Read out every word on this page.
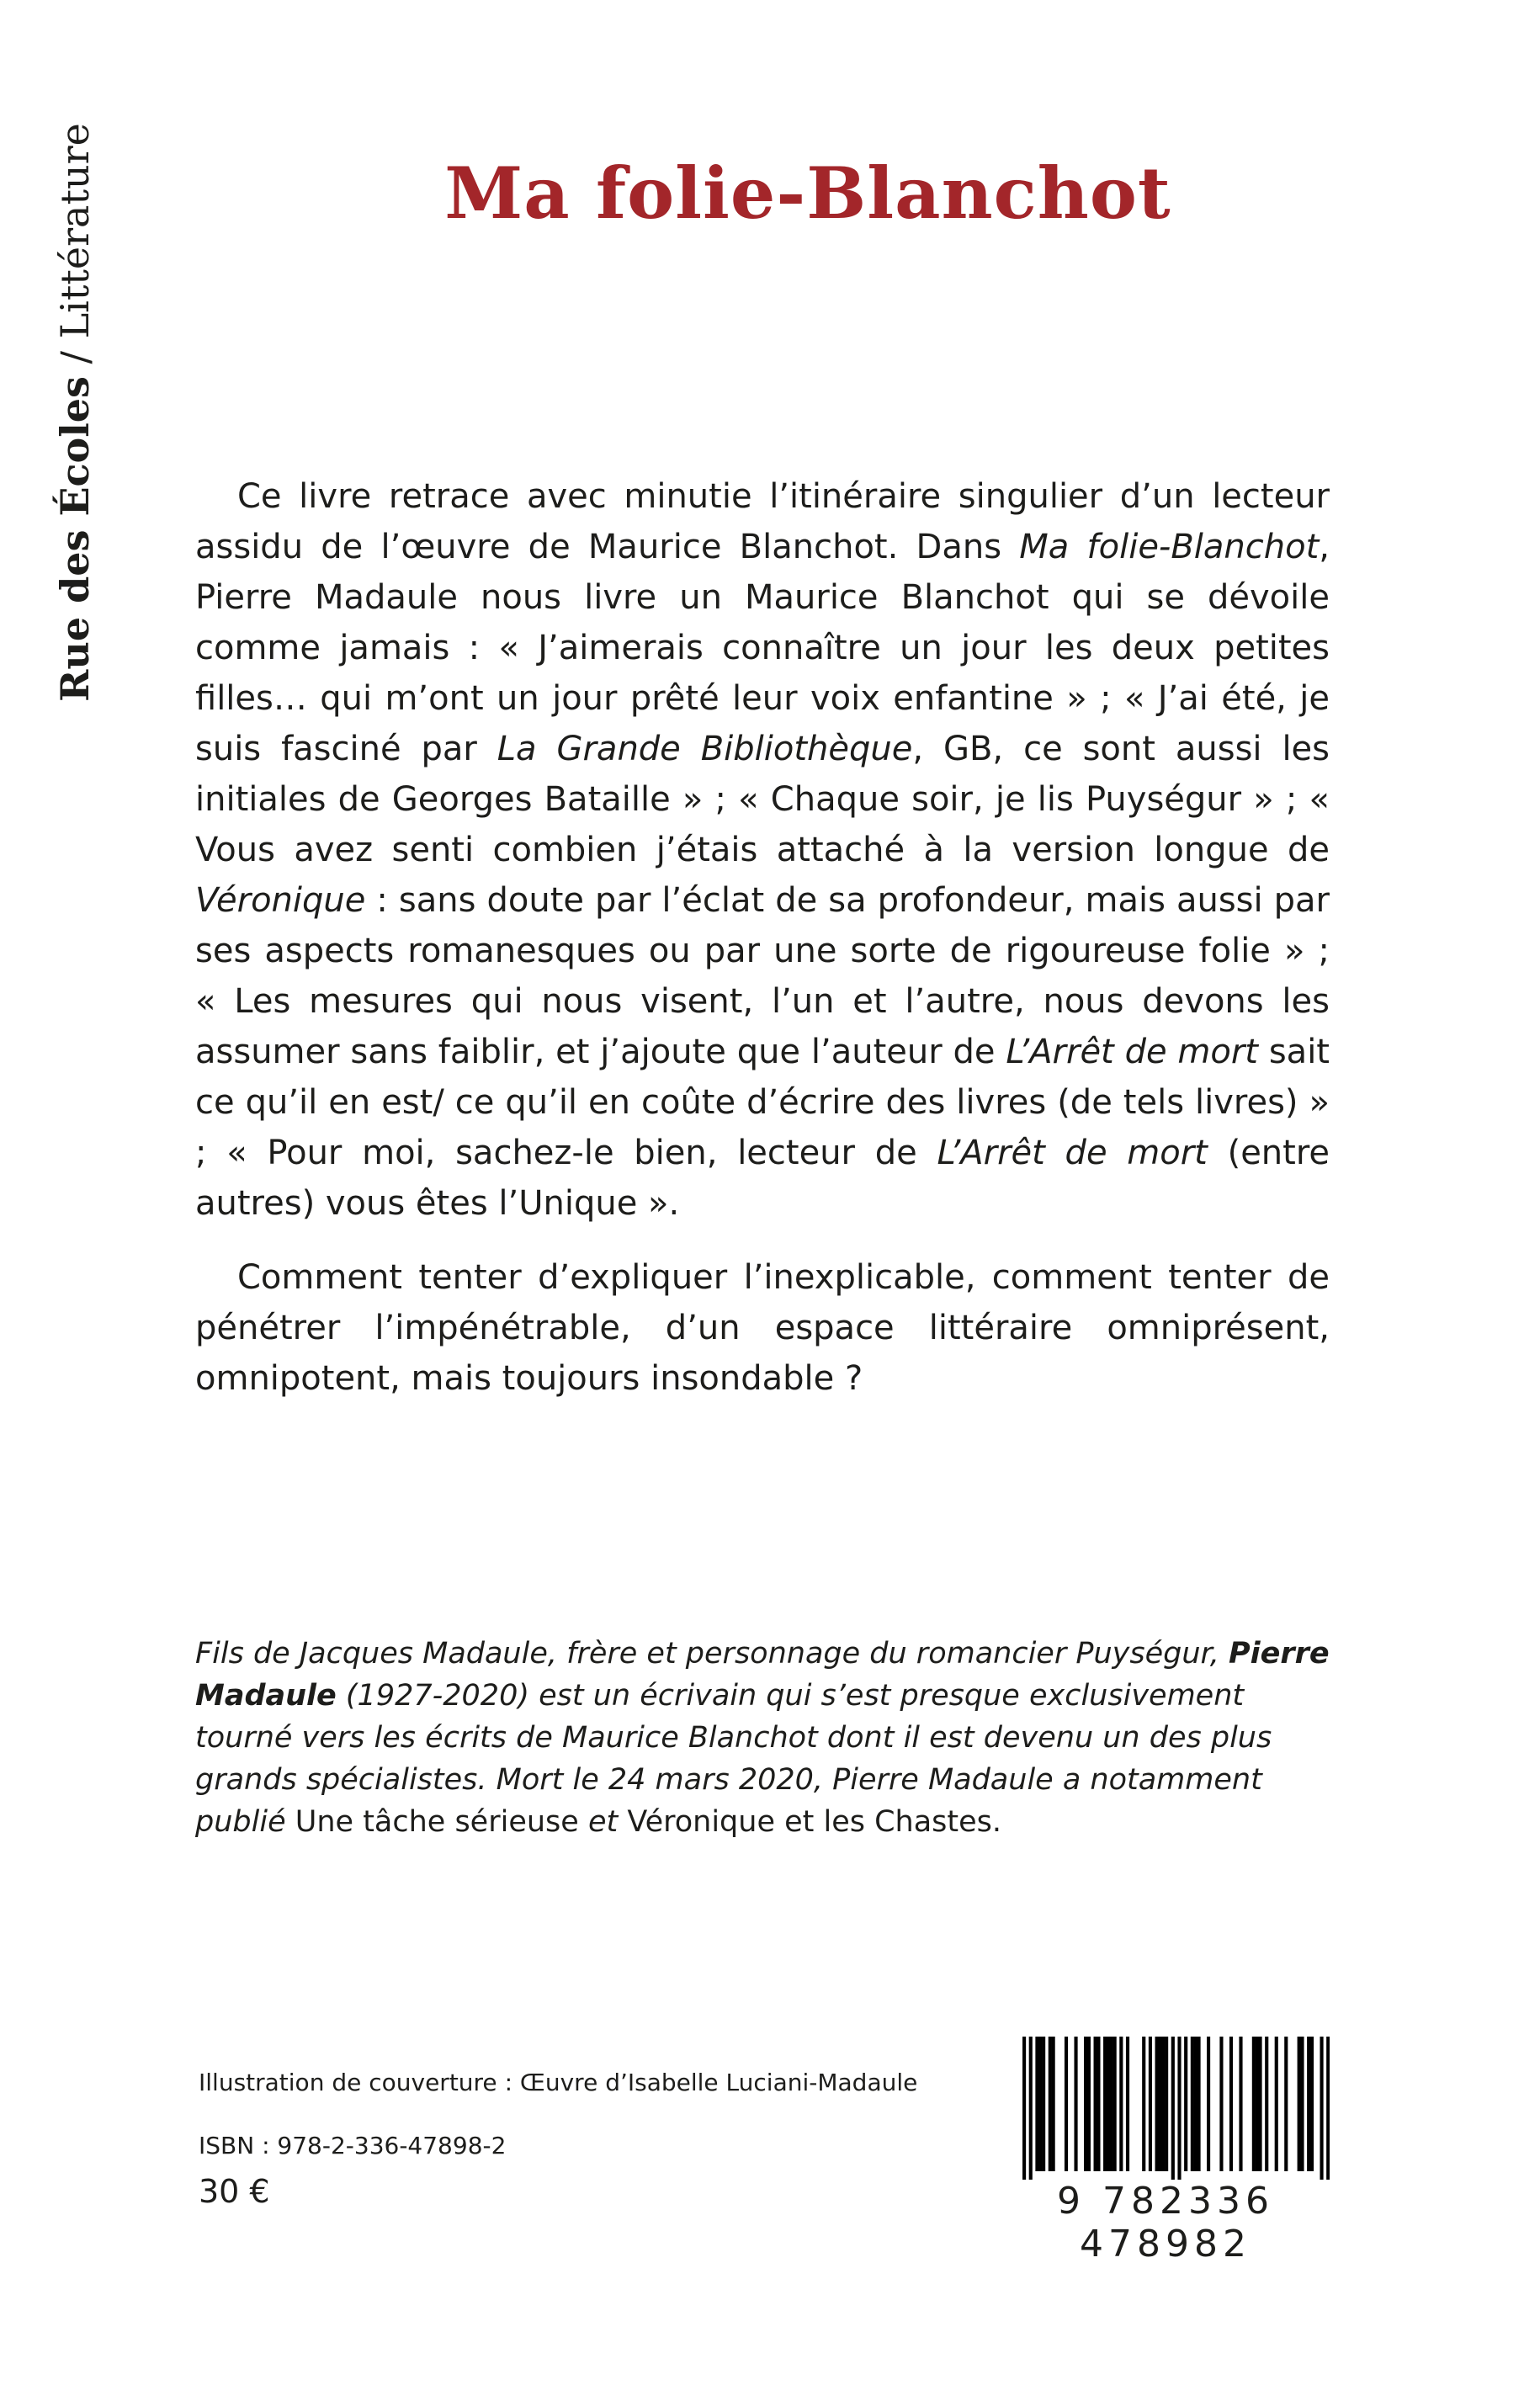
Rue des Écoles / Littérature	Ma folie-Blanchot

Ce livre retrace avec minutie l’itinéraire singulier d’un lecteur assidu de l’œuvre de Maurice Blanchot. Dans Ma folie-Blanchot, Pierre Madaule nous livre un Maurice Blanchot qui se dévoile comme jamais : « J’aimerais connaître un jour les deux petites filles… qui m’ont un jour prêté leur voix enfantine » ; « J’ai été, je suis fasciné par La Grande Bibliothèque, GB, ce sont aussi les initiales de Georges Bataille » ; « Chaque soir, je lis Puységur » ; « Vous avez senti combien j’étais attaché à la version longue de Véronique : sans doute par l’éclat de sa profondeur, mais aussi par ses aspects romanesques ou par une sorte de rigoureuse folie » ; « Les mesures qui nous visent, l’un et l’autre, nous devons les assumer sans faiblir, et j’ajoute que l’auteur de L’Arrêt de mort sait ce qu’il en est/ ce qu’il en coûte d’écrire des livres (de tels livres) » ; « Pour moi, sachez-le bien, lecteur de L’Arrêt de mort (entre autres) vous êtes l’Unique ».

Comment tenter d’expliquer l’inexplicable, comment tenter de pénétrer l’impénétrable, d’un espace littéraire omniprésent, omnipotent, mais toujours insondable ?

Fils de Jacques Madaule, frère et personnage du romancier Puységur, Pierre Madaule (1927-2020) est un écrivain qui s’est presque exclusivement tourné vers les écrits de Maurice Blanchot dont il est devenu un des plus grands spécialistes. Mort le 24 mars 2020, Pierre Madaule a notamment publié Une tâche sérieuse et Véronique et les Chastes.
Illustration de couverture : Œuvre d’Isabelle Luciani-Madaule
ISBN : 978-2-336-47898-2
30 €	9 782336 478982
